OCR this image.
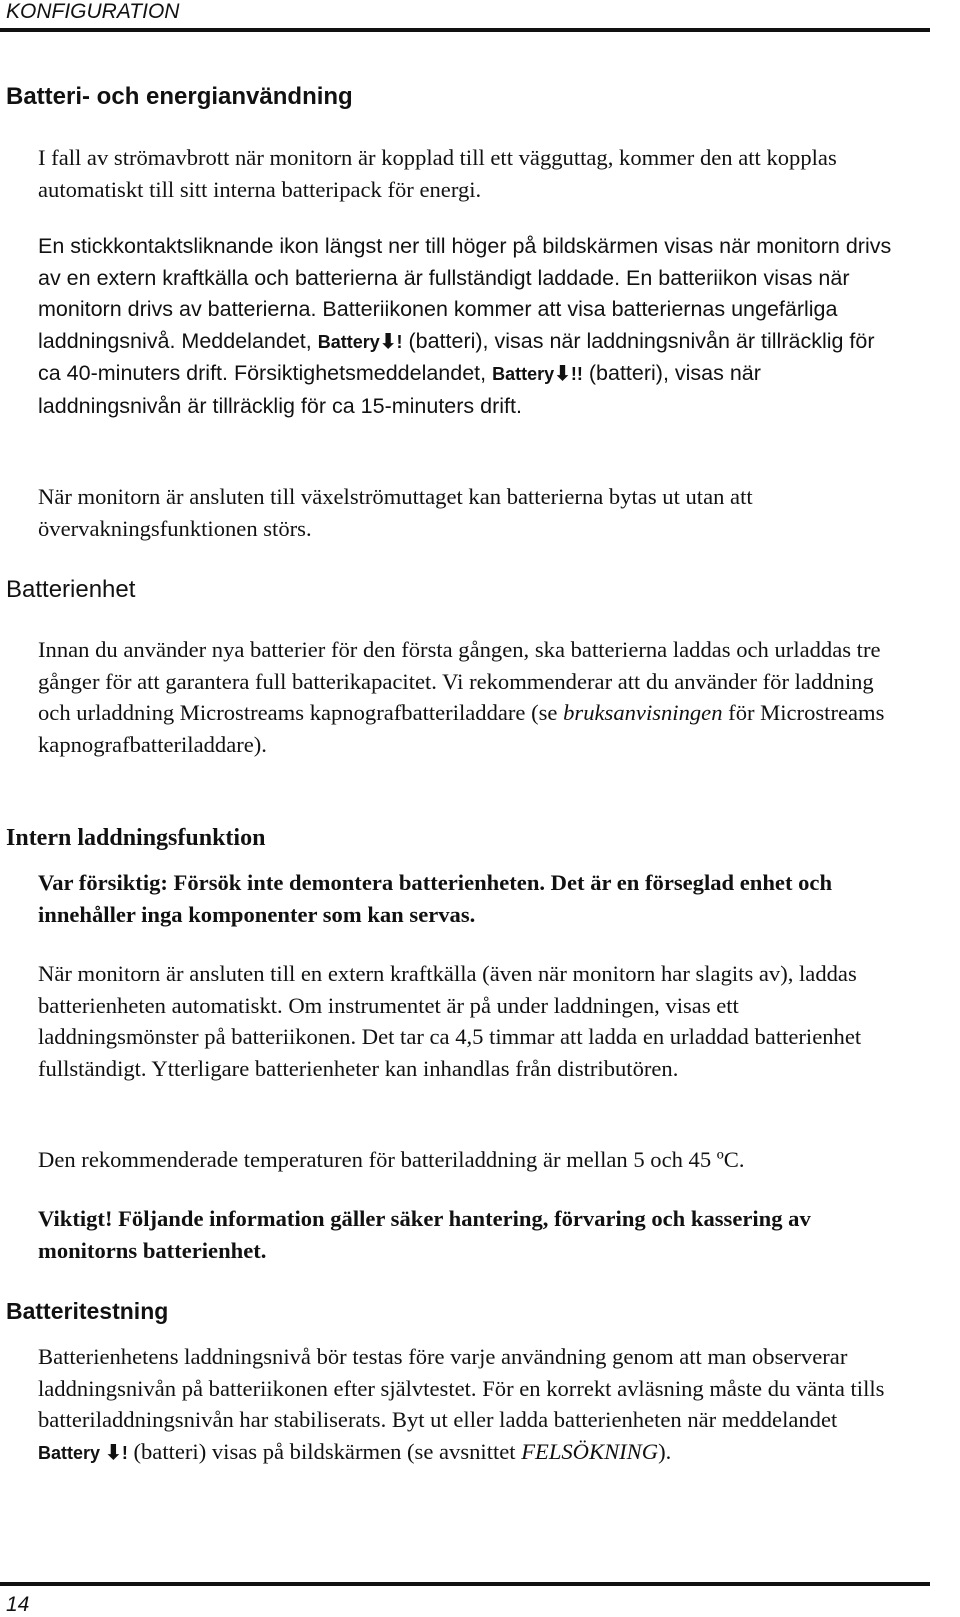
KONFIGURATION
Batteri- och energianvändning

I fall av strömavbrott när monitorn är kopplad till ett vägguttag, kommer den att kopplas automatiskt till sitt interna batteripack för energi.

En stickkontaktsliknande ikon längst ner till höger på bildskärmen visas när monitorn drivs av en extern kraftkälla och batterierna är fullständigt laddade. En batteriikon visas när monitorn drivs av batterierna. Batteriikonen kommer att visa batteriernas ungefärliga laddningsnivå. Meddelandet, Battery⬇! (batteri), visas när laddningsnivån är tillräcklig för ca 40-minuters drift. Försiktighetsmeddelandet, Battery⬇!! (batteri), visas när laddningsnivån är tillräcklig för ca 15-minuters drift.

När monitorn är ansluten till växelströmuttaget kan batterierna bytas ut utan att övervakningsfunktionen störs.

Batterienhet

Innan du använder nya batterier för den första gången, ska batterierna laddas och urladdas tre gånger för att garantera full batterikapacitet. Vi rekommenderar att du använder för laddning och urladdning Microstreams kapnografbatteriladdare (se bruksanvisningen för Microstreams kapnografbatteriladdare).

Intern laddningsfunktion

Var försiktig: Försök inte demontera batterienheten. Det är en förseglad enhet och innehåller inga komponenter som kan servas.

När monitorn är ansluten till en extern kraftkälla (även när monitorn har slagits av), laddas batterienheten automatiskt. Om instrumentet är på under laddningen, visas ett laddningsmönster på batteriikonen. Det tar ca 4,5 timmar att ladda en urladdad batterienhet fullständigt. Ytterligare batterienheter kan inhandlas från distributören.

Den rekommenderade temperaturen för batteriladdning är mellan 5 och 45 ºC.

Viktigt! Följande information gäller säker hantering, förvaring och kassering av monitorns batterienhet.

Batteritestning

Batterienhetens laddningsnivå bör testas före varje användning genom att man observerar laddningsnivån på batteriikonen efter självtestet. För en korrekt avläsning måste du vänta tills batteriladdningsnivån har stabiliserats. Byt ut eller ladda batterienheten när meddelandet Battery ⬇! (batteri) visas på bildskärmen (se avsnittet FELSÖKNING).

14
